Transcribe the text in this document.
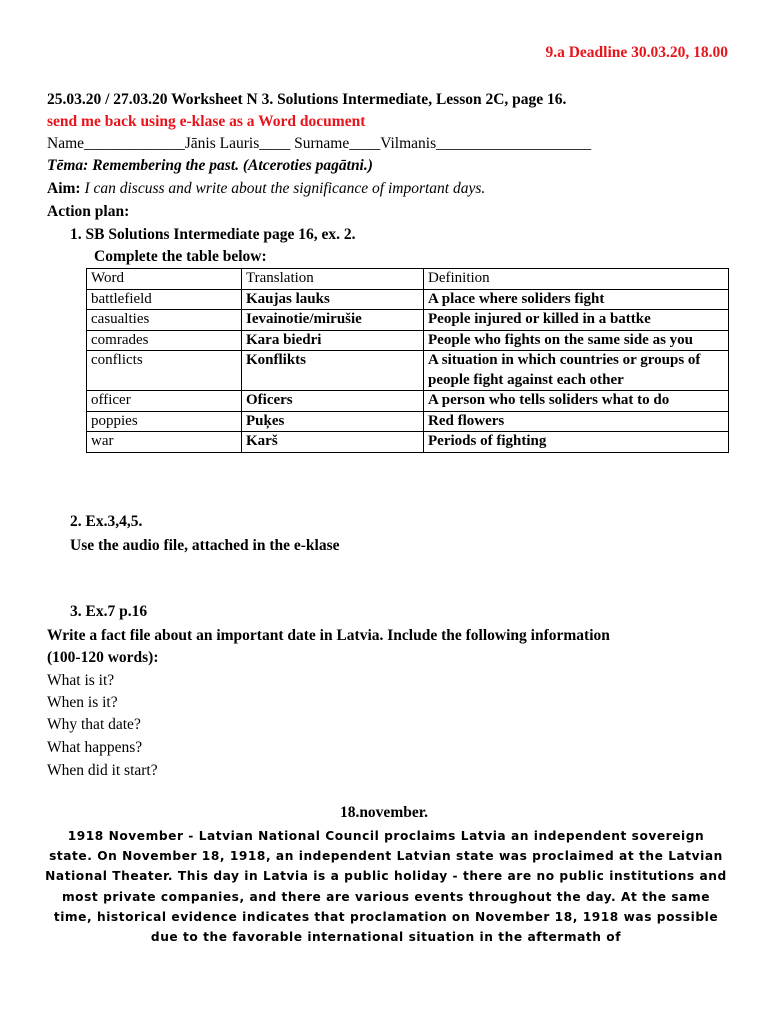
9.a Deadline 30.03.20, 18.00
25.03.20 / 27.03.20 Worksheet N 3. Solutions Intermediate, Lesson 2C, page 16.
send me back using e-klase as a Word document
Name_____________Jānis Lauris____ Surname____Vilmanis____________________
Tēma: Remembering the past. (Atceroties pagātni.)
Aim: I can discuss and write about the significance of important days.
Action plan:
1. SB Solutions Intermediate page 16, ex. 2.
Complete the table below:
Word	Translation	Definition
battlefield	Kaujas lauks	A place where soliders fight
casualties	Ievainotie/mirušie	People injured or killed in a battke
comrades	Kara biedri	People who fights on the same side as you
conflicts	Konflikts	A situation in which countries or groups of people fight against each other
officer	Oficers	A person who tells soliders what to do
poppies	Puķes	Red flowers
war	Karš	Periods of fighting
2. Ex.3,4,5.
Use the audio file, attached in the e-klase
3. Ex.7 p.16
Write a fact file about an important date in Latvia. Include the following information
(100-120 words):
What is it?
When is it?
Why that date?
What happens?
When did it start?
18.november.
1918 November - Latvian National Council proclaims Latvia an independent sovereign state. On November 18, 1918, an independent Latvian state was proclaimed at the Latvian National Theater. This day in Latvia is a public holiday - there are no public institutions and most private companies, and there are various events throughout the day. At the same time, historical evidence indicates that proclamation on November 18, 1918 was possible due to the favorable international situation in the aftermath of
